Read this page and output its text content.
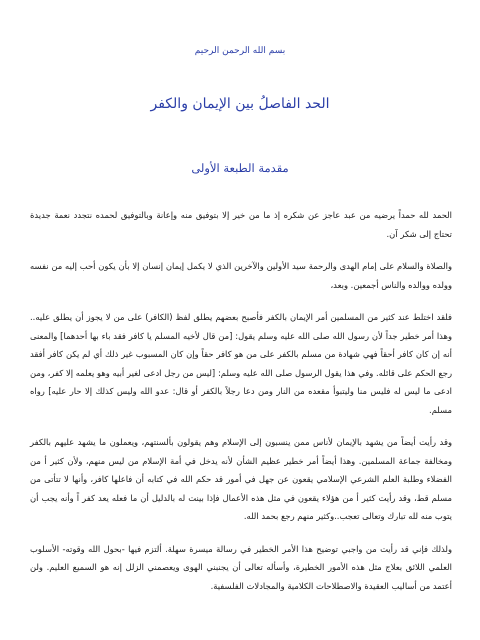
بسم الله الرحمن الرحيم
الحد الفاصلُ بين الإيمان والكفر
مقدمة الطبعة الأولى

الحمد لله حمداً يرضيه من عبد عاجز عن شكره إذ ما من خير إلا بتوفيق منه وإعانة وبالتوفيق لحمده نتجدد نعمة جديدة تحتاج إلى شكر آن.

والصلاة والسلام على إمام الهدى والرحمة سيد الأولين والآخرين الذي لا يكمل إيمان إنسان إلا بأن يكون أحب إليه من نفسه وولده ووالده والناس أجمعين. وبعد،

فلقد اختلط عند كثير من المسلمين أمر الإيمان بالكفر فأصبح بعضهم يطلق لفظ (الكافر) على من لا يجوز أن يطلق عليه.. وهذا أمر خطير جداً لأن رسول الله صلى الله عليه وسلم يقول: [من قال لأخيه المسلم يا كافر فقد باء بها أحدهما] والمعنى أنه إن كان كافر أحقاً فهي شهادة من مسلم بالكفر على من هو كافر حقاً وإن كان المسبوب غير ذلك أي لم يكن كافر أفقد رجع الحكم على قائله. وفي هذا يقول الرسول صلى الله عليه وسلم: [ليس من رجل ادعى لغير أبيه وهو يعلمه إلا كفر، ومن ادعى ما ليس له فليس منا وليتبوأ مقعده من النار ومن دعا رجلاً بالكفر أو قال: عدو الله وليس كذلك إلا حار عليه] رواه مسلم.

وقد رأيت أيضاً من يشهد بالإيمان لأناس ممن ينسبون إلى الإسلام وهم يقولون بألسنتهم، ويعملون ما يشهد عليهم بالكفر ومخالفة جماعة المسلمين. وهذا أيضاً أمر خطير عظيم الشأن لأنه يدخل في أمة الإسلام من ليس منهم، ولأن كثير أ من الفضلاء وطلبة العلم الشرعي الإسلامي يقعون عن جهل في أمور قد حكم الله في كتابه أن فاعلها كافر، وأنها لا تتأتى من مسلم قط، وقد رأيت كثير أ من هؤلاء يقعون في مثل هذه الأعمال فإذا بينت له بالدليل أن ما فعله يعد كفر اً وأنه يجب أن يتوب منه لله تبارك وتعالى تعجب..وكثير منهم رجع بحمد الله.

ولذلك فإني قد رأيت من واجبي توضيح هذا الأمر الخطير في رسالة ميسرة سهلة. ألتزم فيها -بحول الله وقوته- الأسلوب العلمي اللائق بعلاج مثل هذه الأمور الخطيرة، وأسأله تعالى أن يجنبني الهوى ويعصمني الزلل إنه هو السميع العليم. ولن أعتمد من أساليب العقيدة والاصطلاحات الكلامية والمجادلات الفلسفية.
